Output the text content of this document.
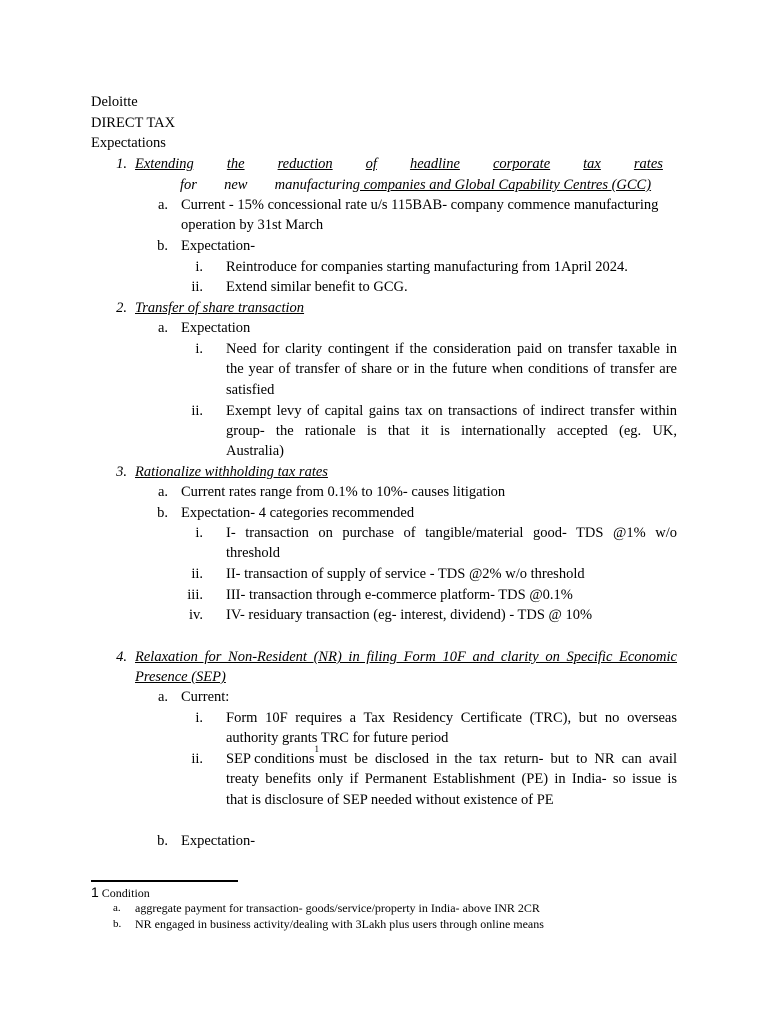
Deloitte
DIRECT TAX
Expectations
1. Extending the reduction of headline corporate tax rates
for new manufacturing companies and Global Capability Centres (GCC)
a. Current - 15% concessional rate u/s 115BAB- company commence manufacturing
operation by 31st March
b. Expectation-
i. Reintroduce for companies starting manufacturing from 1April 2024.
ii. Extend similar benefit to GCG.
2. Transfer of share transaction
a. Expectation
i. Need for clarity contingent if the consideration paid on transfer taxable in
the year of transfer of share or in the future when conditions of transfer are
satisfied
ii. Exempt levy of capital gains tax on transactions of indirect transfer within
group- the rationale is that it is internationally accepted (eg. UK,
Australia)
3. Rationalize withholding tax rates
a. Current rates range from 0.1% to 10%- causes litigation
b. Expectation- 4 categories recommended
i. I- transaction on purchase of tangible/material good- TDS @1% w/o
threshold
ii. II- transaction of supply of service - TDS @2% w/o threshold
iii. III- transaction through e-commerce platform- TDS @0.1%
iv. IV- residuary transaction (eg- interest, dividend) - TDS @ 10%
4. Relaxation for Non-Resident (NR) in filing Form 10F and clarity on Specific Economic
Presence (SEP)
a. Current:
i. Form 10F requires a Tax Residency Certificate (TRC), but no overseas
authority grants TRC for future period
ii. SEP conditions
1
must be disclosed in the tax return- but to NR can avail
treaty benefits only if Permanent Establishment (PE) in India- so issue is
that is disclosure of SEP needed without existence of PE
b. Expectation-
1 Condition
a. aggregate payment for transaction- goods/service/property in India- above INR 2CR
b. NR engaged in business activity/dealing with 3Lakh plus users through online means
